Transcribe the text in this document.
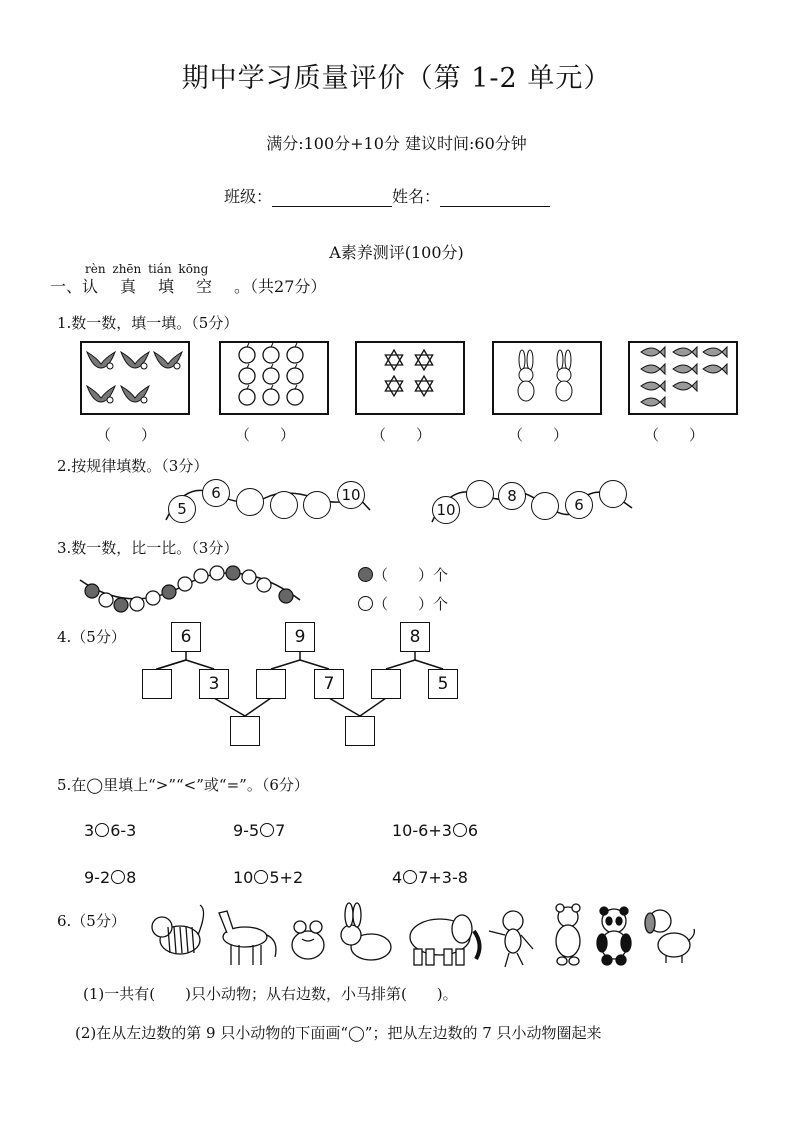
期中学习质量评价（第 1-2 单元）
满分:100分+10分 建议时间:60分钟
班级：	姓名：
A素养测评(100分)
rèn zhēn tián kōng
一、认真填空。（共27分）
1.数一数，填一填。（5分）
（　　）	（　　）	（　　）	（　　）	（　　）
2.按规律填数。（3分）
3.数一数，比一比。（3分）
（　　）个
（　　）个
4.（5分）
5.在◯里填上“>”“<”或“=”。（6分）
3 6-3	9-5 7	10-6+3 6
9-2 8	10 5+2	4 7+3-8
6.（5分）
(1)一共有(　　)只小动物；从右边数，小马排第(　　)。
(2)在从左边数的第 9 只小动物的下面画“◯”；把从左边数的 7 只小动物圈起来
5
6	10
10
8	6
6	9	8
3	7	5
